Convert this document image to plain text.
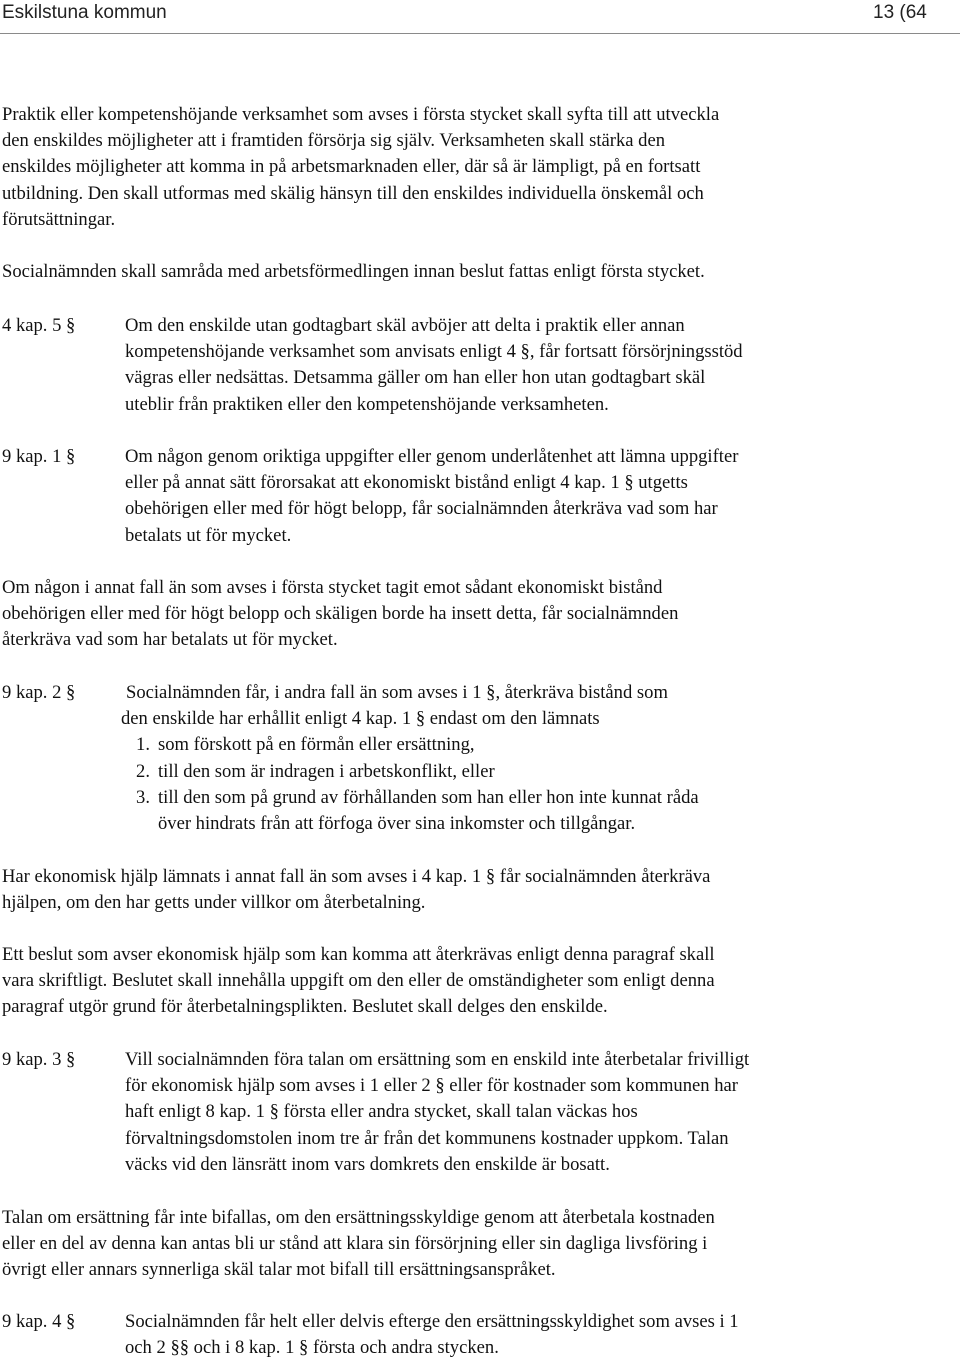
Eskilstuna kommun	13 (64
Praktik eller kompetenshöjande verksamhet som avses i första stycket skall syfta till att utveckla
den enskildes möjligheter att i framtiden försörja sig själv. Verksamheten skall stärka den
enskildes möjligheter att komma in på arbetsmarknaden eller, där så är lämpligt, på en fortsatt
utbildning. Den skall utformas med skälig hänsyn till den enskildes individuella önskemål och
förutsättningar.
Socialnämnden skall samråda med arbetsförmedlingen innan beslut fattas enligt första stycket.
4 kap. 5 §	Om den enskilde utan godtagbart skäl avböjer att delta i praktik eller annan
kompetenshöjande verksamhet som anvisats enligt 4 §, får fortsatt försörjningsstöd
vägras eller nedsättas. Detsamma gäller om han eller hon utan godtagbart skäl
uteblir från praktiken eller den kompetenshöjande verksamheten.
9 kap. 1 §	Om någon genom oriktiga uppgifter eller genom underlåtenhet att lämna uppgifter
eller på annat sätt förorsakat att ekonomiskt bistånd enligt 4 kap. 1 § utgetts
obehörigen eller med för högt belopp, får socialnämnden återkräva vad som har
betalats ut för mycket.
Om någon i annat fall än som avses i första stycket tagit emot sådant ekonomiskt bistånd
obehörigen eller med för högt belopp och skäligen borde ha insett detta, får socialnämnden
återkräva vad som har betalats ut för mycket.
9 kap. 2 §	Socialnämnden får, i andra fall än som avses i 1 §, återkräva bistånd som
den enskilde har erhållit enligt 4 kap. 1 § endast om den lämnats
1. som förskott på en förmån eller ersättning,
2. till den som är indragen i arbetskonflikt, eller
3. till den som på grund av förhållanden som han eller hon inte kunnat råda
över hindrats från att förfoga över sina inkomster och tillgångar.
Har ekonomisk hjälp lämnats i annat fall än som avses i 4 kap. 1 § får socialnämnden återkräva
hjälpen, om den har getts under villkor om återbetalning.
Ett beslut som avser ekonomisk hjälp som kan komma att återkrävas enligt denna paragraf skall
vara skriftligt. Beslutet skall innehålla uppgift om den eller de omständigheter som enligt denna
paragraf utgör grund för återbetalningsplikten. Beslutet skall delges den enskilde.
9 kap. 3 §	Vill socialnämnden föra talan om ersättning som en enskild inte återbetalar frivilligt
för ekonomisk hjälp som avses i 1 eller 2 § eller för kostnader som kommunen har
haft enligt 8 kap. 1 § första eller andra stycket, skall talan väckas hos
förvaltningsdomstolen inom tre år från det kommunens kostnader uppkom. Talan
väcks vid den länsrätt inom vars domkrets den enskilde är bosatt.
Talan om ersättning får inte bifallas, om den ersättningsskyldige genom att återbetala kostnaden
eller en del av denna kan antas bli ur stånd att klara sin försörjning eller sin dagliga livsföring i
övrigt eller annars synnerliga skäl talar mot bifall till ersättningsanspråket.
9 kap. 4 §	Socialnämnden får helt eller delvis efterge den ersättningsskyldighet som avses i 1
och 2 §§ och i 8 kap. 1 § första och andra stycken.
